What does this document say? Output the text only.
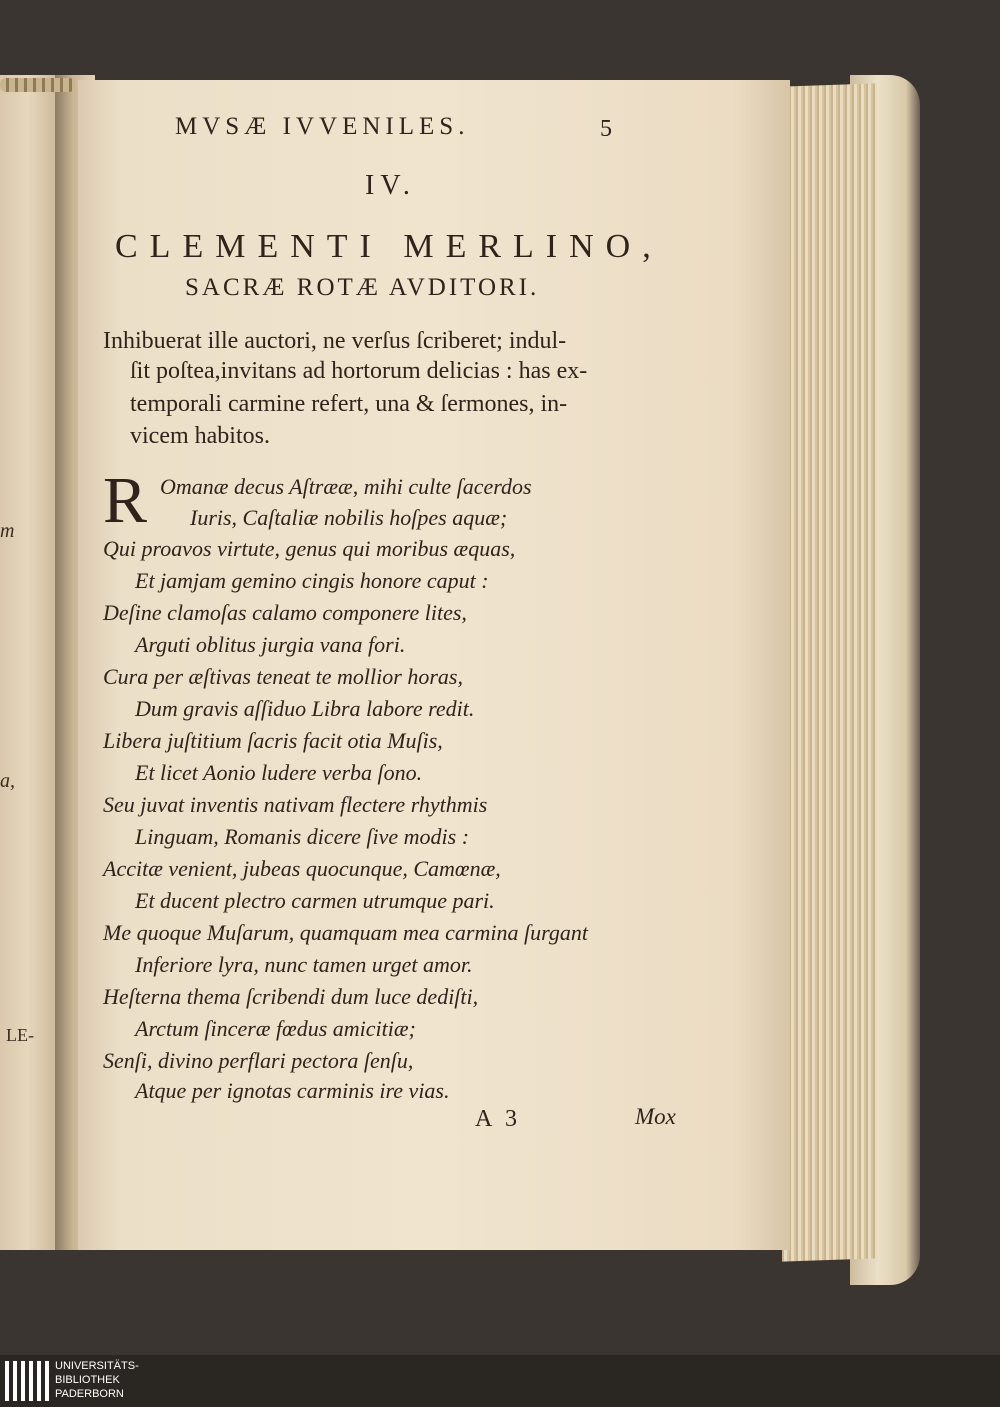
m
a,
LE-
MVSÆ IVVENILES.	5
IV.
CLEMENTI MERLINO,
SACRÆ ROTÆ AVDITORI.
Inhibuerat ille auctori, ne verſus ſcriberet; indul-
ſit poſtea,invitans ad hortorum delicias : has ex-
temporali carmine refert, una & ſermones, in-
vicem habitos.
R Omanæ decus Aſtrææ, mihi culte ſacerdos
Iuris, Caſtaliæ nobilis hoſpes aquæ;
Qui proavos virtute, genus qui moribus æquas,
Et jamjam gemino cingis honore caput :
Deſine clamoſas calamo componere lites,
Arguti oblitus jurgia vana fori.
Cura per æſtivas teneat te mollior horas,
Dum gravis aſſiduo Libra labore redit.
Libera juſtitium ſacris facit otia Muſis,
Et licet Aonio ludere verba ſono.
Seu juvat inventis nativam flectere rhythmis
Linguam, Romanis dicere ſive modis :
Accitæ venient, jubeas quocunque, Camœnæ,
Et ducent plectro carmen utrumque pari.
Me quoque Muſarum, quamquam mea carmina ſurgant
Inferiore lyra, nunc tamen urget amor.
Heſterna thema ſcribendi dum luce dediſti,
Arctum ſinceræ fœdus amicitiæ;
Senſi, divino perflari pectora ſenſu,
Atque per ignotas carminis ire vias.
A 3	Mox
UNIVERSITÄTS-
BIBLIOTHEK
PADERBORN
